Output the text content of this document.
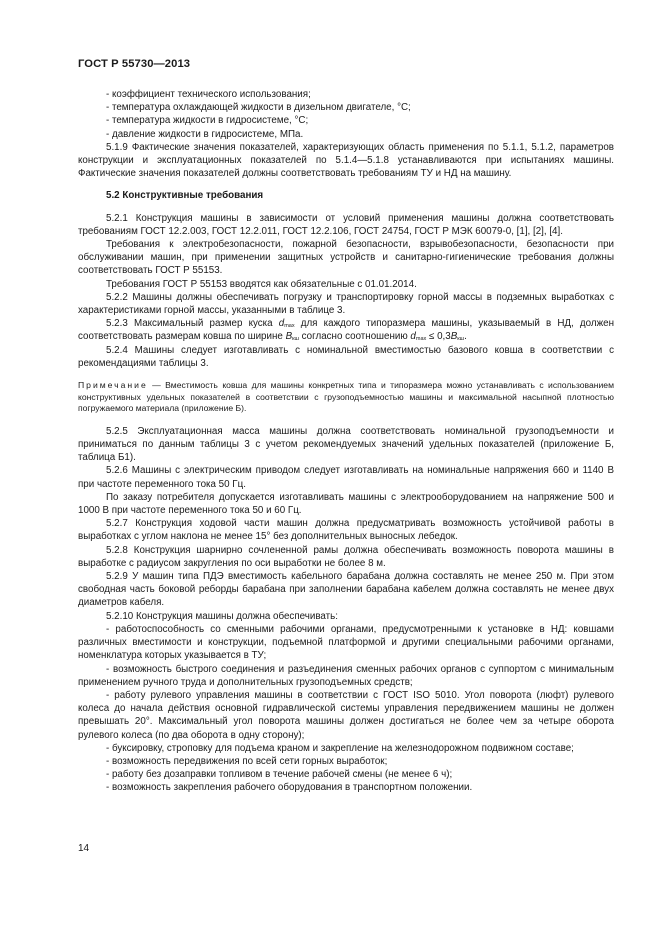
ГОСТ Р 55730—2013

- коэффициент технического использования;

- температура охлаждающей жидкости в дизельном двигателе, °С;

- температура жидкости в гидросистеме, °С;

- давление жидкости в гидросистеме, МПа.

5.1.9 Фактические значения показателей, характеризующих область применения по 5.1.1, 5.1.2, параметров конструкции и эксплуатационных показателей по 5.1.4—5.1.8 устанавливаются при испытаниях машины. Фактические значения показателей должны соответствовать требованиям ТУ и НД на машину.

5.2 Конструктивные требования

5.2.1 Конструкция машины в зависимости от условий применения машины должна соответствовать требованиям ГОСТ 12.2.003, ГОСТ 12.2.011, ГОСТ 12.2.106, ГОСТ 24754, ГОСТ Р МЭК 60079-0, [1], [2], [4].

Требования к электробезопасности, пожарной безопасности, взрывобезопасности, безопасности при обслуживании машин, при применении защитных устройств и санитарно-гигиенические требования должны соответствовать ГОСТ Р 55153.

Требования ГОСТ Р 55153 вводятся как обязательные с 01.01.2014.

5.2.2 Машины должны обеспечивать погрузку и транспортировку горной массы в подземных выработках с характеристиками горной массы, указанными в таблице 3.

5.2.3 Максимальный размер куска $d_{max}$ для каждого типоразмера машины, указываемый в НД, должен соответствовать размерам ковша по ширине $B_{кш}$ согласно соотношению $d_{max} \le 0,3B_{кш}$.

5.2.4 Машины следует изготавливать с номинальной вместимостью базового ковша в соответствии с рекомендациями таблицы 3.

Примечание — Вместимость ковша для машины конкретных типа и типоразмера можно устанавливать с использованием конструктивных удельных показателей в соответствии с грузоподъемностью машины и максимальной насыпной плотностью погружаемого материала (приложение Б).

5.2.5 Эксплуатационная масса машины должна соответствовать номинальной грузоподъемности и приниматься по данным таблицы 3 с учетом рекомендуемых значений удельных показателей (приложение Б, таблица Б1).

5.2.6 Машины с электрическим приводом следует изготавливать на номинальные напряжения 660 и 1140 В при частоте переменного тока 50 Гц.

По заказу потребителя допускается изготавливать машины с электрооборудованием на напряжение 500 и 1000 В при частоте переменного тока 50 и 60 Гц.

5.2.7 Конструкция ходовой части машин должна предусматривать возможность устойчивой работы в выработках с углом наклона не менее 15° без дополнительных выносных лебедок.

5.2.8 Конструкция шарнирно сочлененной рамы должна обеспечивать возможность поворота машины в выработке с радиусом закругления по оси выработки не более 8 м.

5.2.9 У машин типа ПДЭ вместимость кабельного барабана должна составлять не менее 250 м. При этом свободная часть боковой реборды барабана при заполнении барабана кабелем должна составлять не менее двух диаметров кабеля.

5.2.10 Конструкция машины должна обеспечивать:

- работоспособность со сменными рабочими органами, предусмотренными к установке в НД: ковшами различных вместимости и конструкции, подъемной платформой и другими специальными рабочими органами, номенклатура которых указывается в ТУ;

- возможность быстрого соединения и разъединения сменных рабочих органов с суппортом с минимальным применением ручного труда и дополнительных грузоподъемных средств;

- работу рулевого управления машины в соответствии с ГОСТ ISO 5010. Угол поворота (люфт) рулевого колеса до начала действия основной гидравлической системы управления передвижением машины не должен превышать 20°. Максимальный угол поворота машины должен достигаться не более чем за четыре оборота рулевого колеса (по два оборота в одну сторону);

- буксировку, строповку для подъема краном и закрепление на железнодорожном подвижном составе;

- возможность передвижения по всей сети горных выработок;

- работу без дозаправки топливом в течение рабочей смены (не менее 6 ч);

- возможность закрепления рабочего оборудования в транспортном положении.

14
